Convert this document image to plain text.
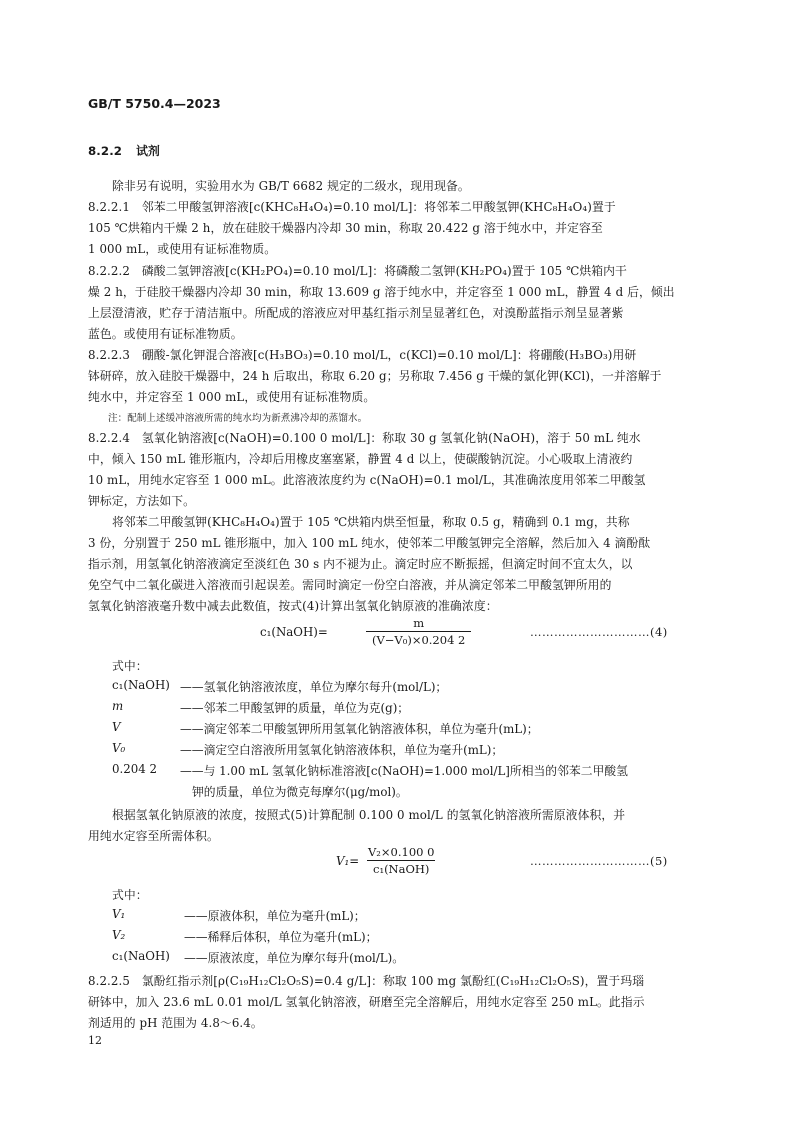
GB/T 5750.4—2023
8.2.2 试剂
除非另有说明，实验用水为 GB/T 6682 规定的二级水，现用现备。
8.2.2.1　邻苯二甲酸氢钾溶液[c(KHC₈H₄O₄)=0.10 mol/L]：将邻苯二甲酸氢钾(KHC₈H₄O₄)置于
105 ℃烘箱内干燥 2 h，放在硅胶干燥器内冷却 30 min，称取 20.422 g 溶于纯水中，并定容至
1 000 mL，或使用有证标准物质。
8.2.2.2　磷酸二氢钾溶液[c(KH₂PO₄)=0.10 mol/L]：将磷酸二氢钾(KH₂PO₄)置于 105 ℃烘箱内干
燥 2 h，于硅胶干燥器内冷却 30 min，称取 13.609 g 溶于纯水中，并定容至 1 000 mL，静置 4 d 后，倾出
上层澄清液，贮存于清洁瓶中。所配成的溶液应对甲基红指示剂呈显著红色，对溴酚蓝指示剂呈显著紫
蓝色。或使用有证标准物质。
8.2.2.3　硼酸-氯化钾混合溶液[c(H₃BO₃)=0.10 mol/L，c(KCl)=0.10 mol/L]：将硼酸(H₃BO₃)用研
钵研碎，放入硅胶干燥器中，24 h 后取出，称取 6.20 g；另称取 7.456 g 干燥的氯化钾(KCl)，一并溶解于
纯水中，并定容至 1 000 mL，或使用有证标准物质。
注：配制上述缓冲溶液所需的纯水均为新煮沸冷却的蒸馏水。
8.2.2.4　氢氧化钠溶液[c(NaOH)=0.100 0 mol/L]：称取 30 g 氢氧化钠(NaOH)，溶于 50 mL 纯水
中，倾入 150 mL 锥形瓶内，冷却后用橡皮塞塞紧，静置 4 d 以上，使碳酸钠沉淀。小心吸取上清液约
10 mL，用纯水定容至 1 000 mL。此溶液浓度约为 c(NaOH)=0.1 mol/L，其准确浓度用邻苯二甲酸氢
钾标定，方法如下。
将邻苯二甲酸氢钾(KHC₈H₄O₄)置于 105 ℃烘箱内烘至恒量，称取 0.5 g，精确到 0.1 mg，共称
3 份，分别置于 250 mL 锥形瓶中，加入 100 mL 纯水，使邻苯二甲酸氢钾完全溶解，然后加入 4 滴酚酞
指示剂，用氢氧化钠溶液滴定至淡红色 30 s 内不褪为止。滴定时应不断振摇，但滴定时间不宜太久，以
免空气中二氧化碳进入溶液而引起误差。需同时滴定一份空白溶液，并从滴定邻苯二甲酸氢钾所用的
氢氧化钠溶液毫升数中减去此数值，按式(4)计算出氢氧化钠原液的准确浓度：
c₁(NaOH)=	$\frac{m}{\text{(V−V₀)×0.204 2}}$	…………………………(4)
式中：
c₁(NaOH) ——氢氧化钠溶液浓度，单位为摩尔每升(mol/L)；
m	——邻苯二甲酸氢钾的质量，单位为克(g)；
V	——滴定邻苯二甲酸氢钾所用氢氧化钠溶液体积，单位为毫升(mL)；
V₀	——滴定空白溶液所用氢氧化钠溶液体积，单位为毫升(mL)；
0.204 2 ——与 1.00 mL 氢氧化钠标准溶液[c(NaOH)=1.000 mol/L]所相当的邻苯二甲酸氢
钾的质量，单位为微克每摩尔(μg/mol)。
根据氢氧化钠原液的浓度，按照式(5)计算配制 0.100 0 mol/L 的氢氧化钠溶液所需原液体积，并
用纯水定容至所需体积。
V₁=
V₂×0.100 0
c₁(NaOH)
…………………………(5)
式中：
V₁	——原液体积，单位为毫升(mL)；
V₂	——稀释后体积，单位为毫升(mL)；
c₁(NaOH) ——原液浓度，单位为摩尔每升(mol/L)。
8.2.2.5　氯酚红指示剂[ρ(C₁₉H₁₂Cl₂O₅S)=0.4 g/L]：称取 100 mg 氯酚红(C₁₉H₁₂Cl₂O₅S)，置于玛瑙
研钵中，加入 23.6 mL 0.01 mol/L 氢氧化钠溶液，研磨至完全溶解后，用纯水定容至 250 mL。此指示
剂适用的 pH 范围为 4.8～6.4。
12
